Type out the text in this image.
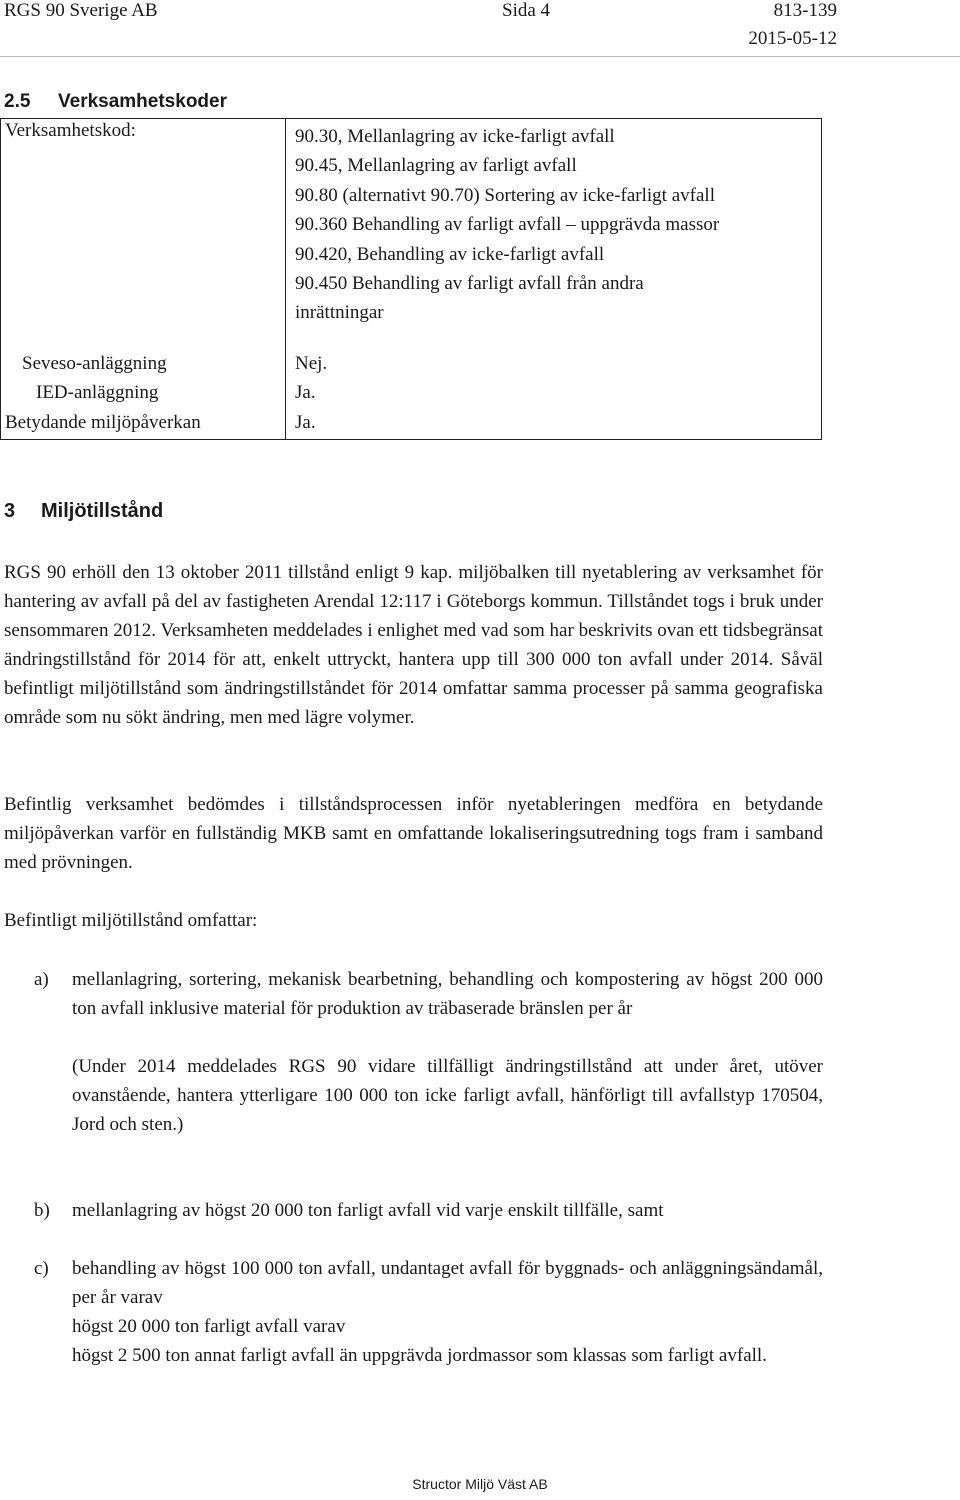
RGS 90 Sverige AB	Sida 4	813-139
2015-05-12
2.5 Verksamhetskoder
Verksamhetskod:	90.30, Mellanlagring av icke-farligt avfall
90.45, Mellanlagring av farligt avfall
90.80 (alternativt 90.70) Sortering av icke-farligt avfall
90.360 Behandling av farligt avfall – uppgrävda massor
90.420, Behandling av icke-farligt avfall
90.450 Behandling av farligt avfall från andra
inrättningar
Seveso-anläggning	Nej.
IED-anläggning	Ja.
Betydande miljöpåverkan	Ja.
3 Miljötillstånd

RGS 90 erhöll den 13 oktober 2011 tillstånd enligt 9 kap. miljöbalken till nyetablering av verksamhet för hantering av avfall på del av fastigheten Arendal 12:117 i Göteborgs kommun. Tillståndet togs i bruk under sensommaren 2012. Verksamheten meddelades i enlighet med vad som har beskrivits ovan ett tidsbegränsat ändringstillstånd för 2014 för att, enkelt uttryckt, hantera upp till 300 000 ton avfall under 2014. Såväl befintligt miljötillstånd som ändringstillståndet för 2014 omfattar samma processer på samma geografiska område som nu sökt ändring, men med lägre volymer.

Befintlig verksamhet bedömdes i tillståndsprocessen inför nyetableringen medföra en betydande miljöpåverkan varför en fullständig MKB samt en omfattande lokaliseringsutredning togs fram i samband med prövningen.

Befintligt miljötillstånd omfattar:

a) mellanlagring, sortering, mekanisk bearbetning, behandling och kompostering av högst 200 000 ton avfall inklusive material för produktion av träbaserade bränslen per år

(Under 2014 meddelades RGS 90 vidare tillfälligt ändringstillstånd att under året, utöver ovanstående, hantera ytterligare 100 000 ton icke farligt avfall, hänförligt till avfallstyp 170504, Jord och sten.)

b) mellanlagring av högst 20 000 ton farligt avfall vid varje enskilt tillfälle, samt

c) behandling av högst 100 000 ton avfall, undantaget avfall för byggnads- och anläggningsändamål, per år varav

högst 20 000 ton farligt avfall varav

högst 2 500 ton annat farligt avfall än uppgrävda jordmassor som klassas som farligt avfall.

Structor Miljö Väst AB
